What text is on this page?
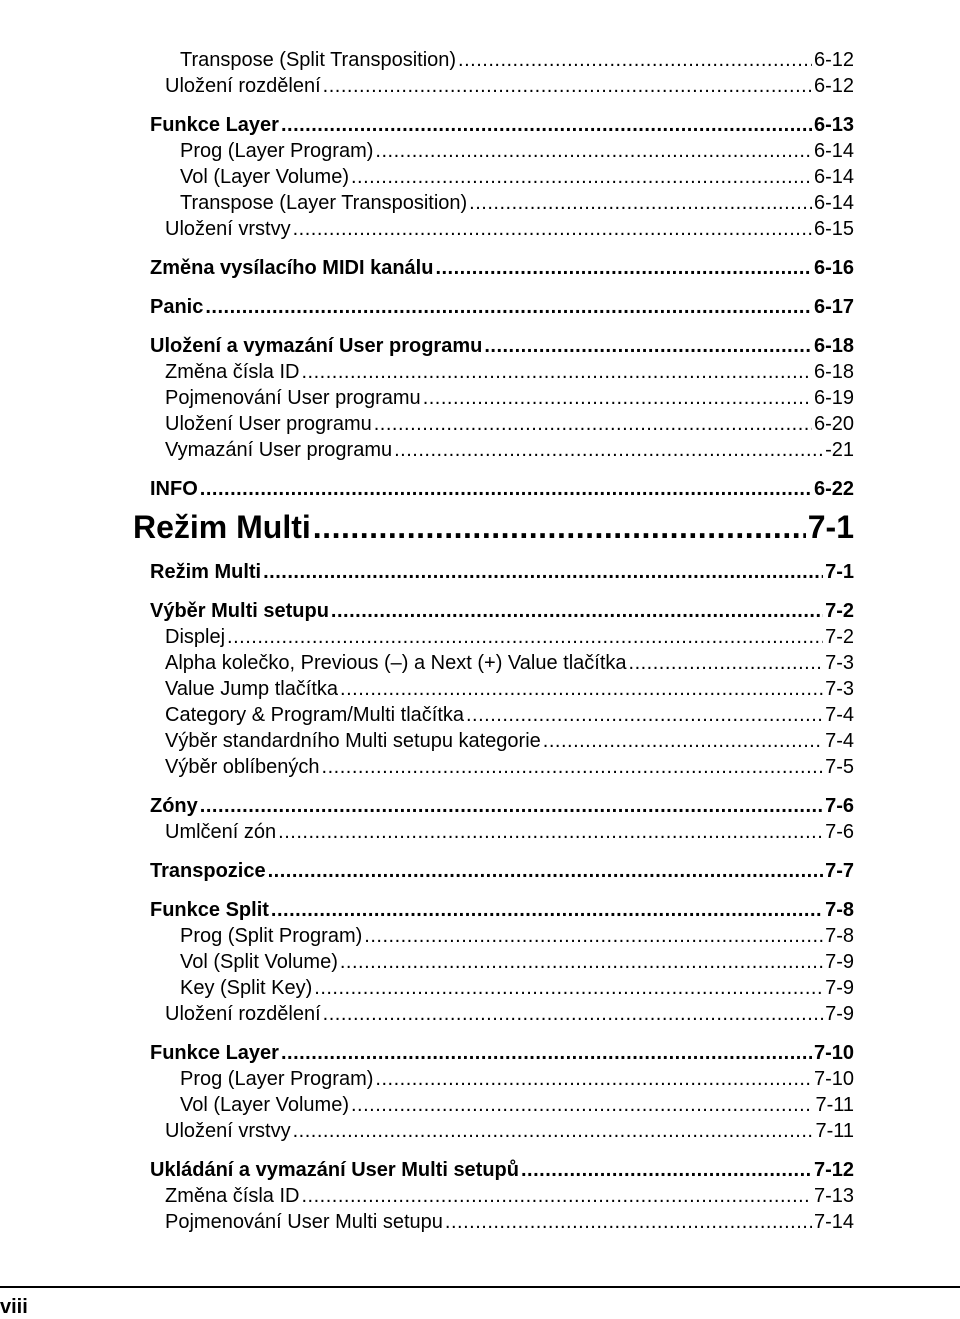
Transpose (Split Transposition) .....	6-12
Uložení rozdělení .....	6-12
Funkce Layer .....	6-13
Prog (Layer Program) .....	6-14
Vol (Layer Volume) .....	6-14
Transpose (Layer Transposition) .....	6-14
Uložení vrstvy .....	6-15
Změna vysílacího MIDI kanálu .....	6-16
Panic .....	6-17
Uložení a vymazání User programu .....	6-18
Změna čísla ID .....	6-18
Pojmenování User programu .....	6-19
Uložení User programu .....	6-20
Vymazání User programu .....	-21
INFO .....	6-22
Režim Multi .....	7-1
Režim Multi .....	7-1
Výběr Multi setupu .....	7-2
Displej .....	7-2
Alpha kolečko, Previous (–) a Next (+) Value tlačítka .....	7-3
Value Jump tlačítka .....	7-3
Category & Program/Multi tlačítka .....	7-4
Výběr standardního Multi setupu kategorie .....	7-4
Výběr oblíbených .....	7-5
Zóny .....	7-6
Umlčení zón .....	7-6
Transpozice .....	7-7
Funkce Split .....	7-8
Prog (Split Program) .....	7-8
Vol (Split Volume) .....	7-9
Key (Split Key) .....	7-9
Uložení rozdělení .....	7-9
Funkce Layer .....	7-10
Prog (Layer Program) .....	7-10
Vol (Layer Volume) .....	7-11
Uložení vrstvy .....	7-11
Ukládání a vymazání User Multi setupů .....	7-12
Změna čísla ID .....	7-13
Pojmenování User Multi setupu .....	7-14
viii
